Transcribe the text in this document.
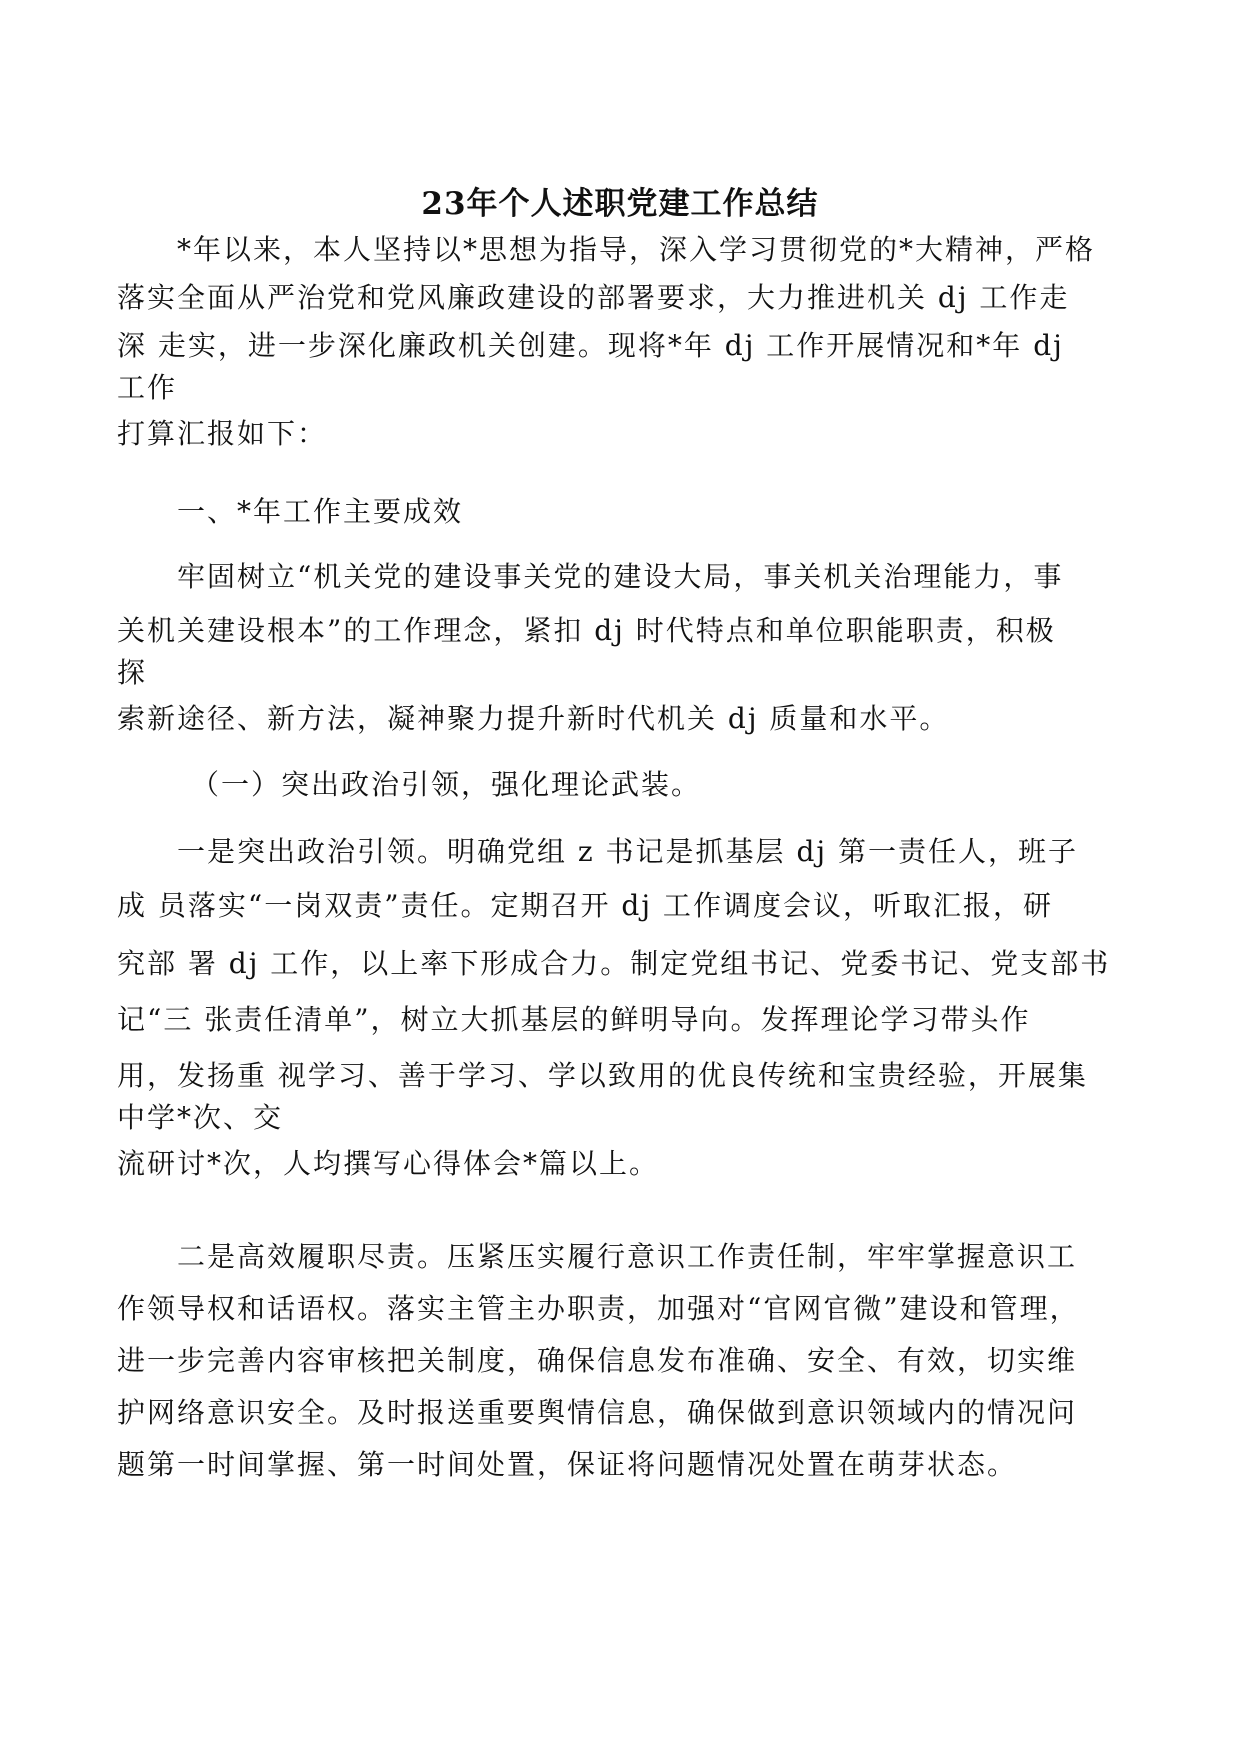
23年个人述职党建工作总结
*年以来，本人坚持以*思想为指导，深入学习贯彻党的*大精神，严格
落实全面从严治党和党风廉政建设的部署要求，大力推进机关 dj 工作走
深 走实，进一步深化廉政机关创建。现将*年 dj 工作开展情况和*年 dj
工作
打算汇报如下：
一、*年工作主要成效
牢固树立“机关党的建设事关党的建设大局，事关机关治理能力，事
关机关建设根本”的工作理念，紧扣 dj 时代特点和单位职能职责，积极
探
索新途径、新方法，凝神聚力提升新时代机关 dj 质量和水平。
（一）突出政治引领，强化理论武装。
一是突出政治引领。明确党组 z 书记是抓基层 dj 第一责任人，班子
成 员落实“一岗双责”责任。定期召开 dj 工作调度会议，听取汇报，研
究部 署 dj 工作，以上率下形成合力。制定党组书记、党委书记、党支部书
记“三 张责任清单”，树立大抓基层的鲜明导向。发挥理论学习带头作
用，发扬重 视学习、善于学习、学以致用的优良传统和宝贵经验，开展集
中学*次、交
流研讨*次，人均撰写心得体会*篇以上。
二是高效履职尽责。压紧压实履行意识工作责任制，牢牢掌握意识工
作领导权和话语权。落实主管主办职责，加强对“官网官微”建设和管理，
进一步完善内容审核把关制度，确保信息发布准确、安全、有效，切实维
护网络意识安全。及时报送重要舆情信息，确保做到意识领域内的情况问
题第一时间掌握、第一时间处置，保证将问题情况处置在萌芽状态。
